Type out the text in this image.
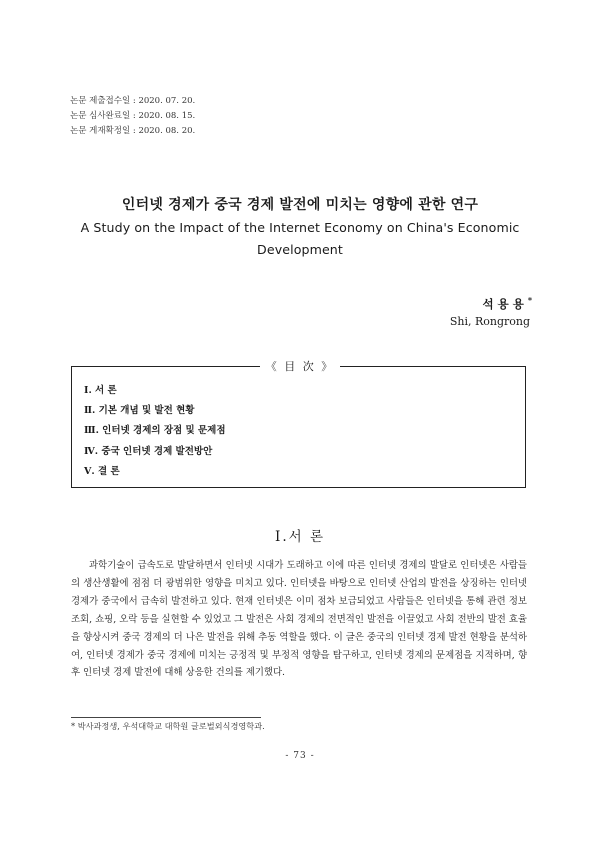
논문 제출접수일 : 2020. 07. 20.
논문 심사완료일 : 2020. 08. 15.
논문 게재확정일 : 2020. 08. 20.
인터넷 경제가 중국 경제 발전에 미치는 영향에 관한 연구
A Study on the Impact of the Internet Economy on China's Economic Development
석용용*
Shi, Rongrong
《 目 次 》
Ⅰ. 서 론
Ⅱ. 기본 개념 및 발전 현황
Ⅲ. 인터넷 경제의 장점 및 문제점
Ⅳ. 중국 인터넷 경제 발전방안
Ⅴ. 결 론
Ⅰ.서 론

과학기술이 급속도로 발달하면서 인터넷 시대가 도래하고 이에 따른 인터넷 경제의 발달로 인터넷은 사람들의 생산생활에 점점 더 광범위한 영향을 미치고 있다. 인터넷을 바탕으로 인터넷 산업의 발전을 상징하는 인터넷 경제가 중국에서 급속히 발전하고 있다. 현재 인터넷은 이미 점차 보급되었고 사람들은 인터넷을 통해 관련 정보 조회, 쇼핑, 오락 등을 실현할 수 있었고 그 발전은 사회 경제의 전면적인 발전을 이끌었고 사회 전반의 발전 효율을 향상시켜 중국 경제의 더 나은 발전을 위해 추동 역할을 했다. 이 글은 중국의 인터넷 경제 발전 현황을 분석하여, 인터넷 경제가 중국 경제에 미치는 긍정적 및 부정적 영향을 탐구하고, 인터넷 경제의 문제점을 지적하며, 향후 인터넷 경제 발전에 대해 상응한 건의를 제기했다.

* 박사과정생, 우석대학교 대학원 글로벌외식경영학과.
- 73 -
